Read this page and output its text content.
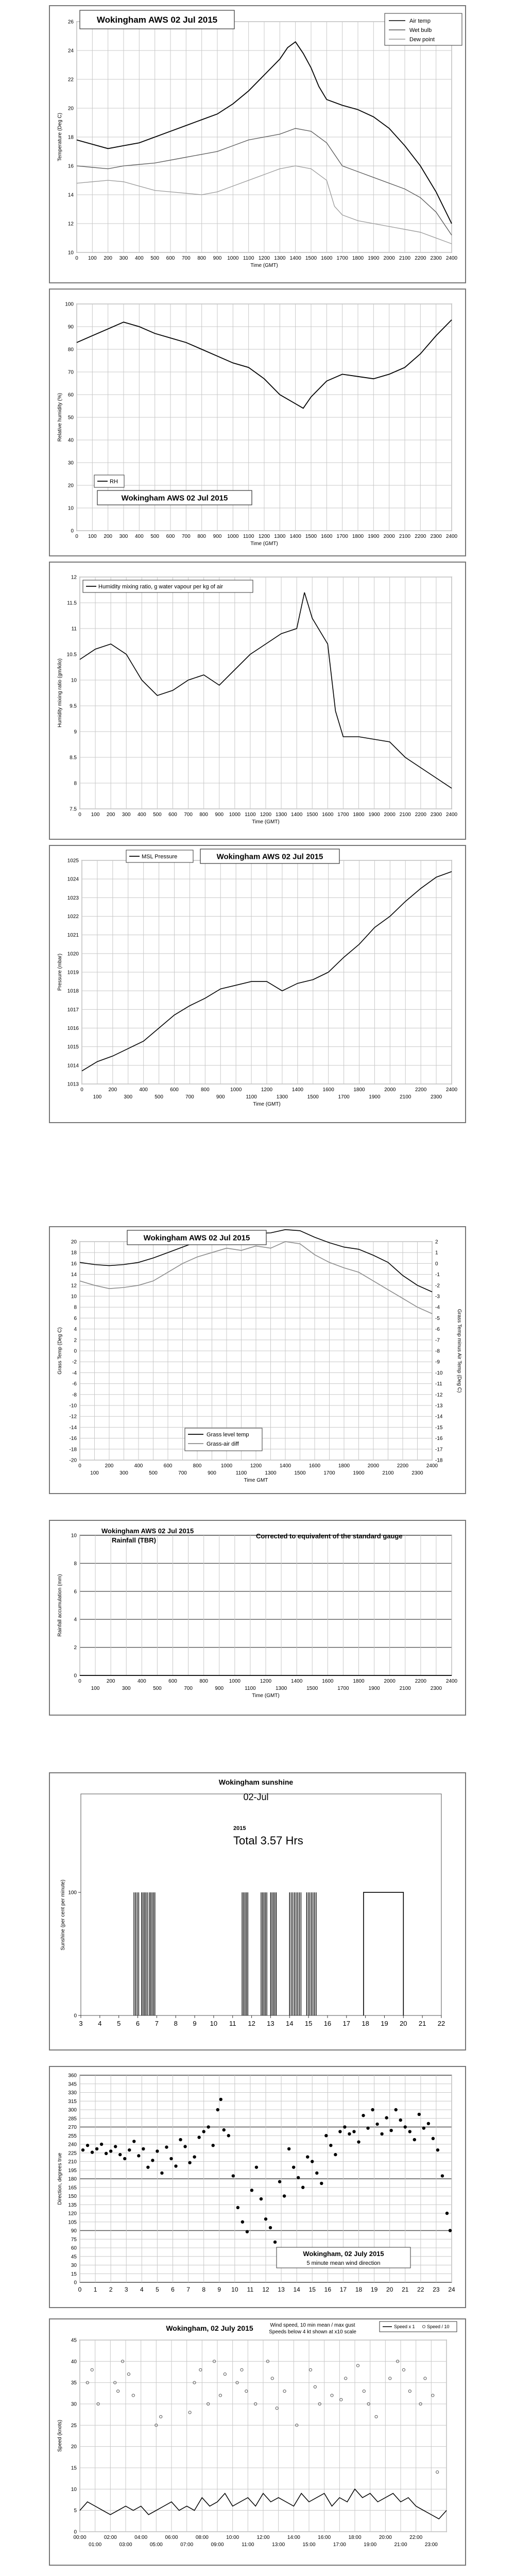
10
12
14
16
18
20
22
24
26
0 100 200 300 400 500 600 700 800 900 1000 1100 1200 1300 1400 1500 1600 1700 1800 1900 2000 2100 2200 2300 2400
Wokingham AWS 02 Jul 2015
Time (GMT)
Temperature (Deg C)
Air temp
Wet bulb
Dew point
0
10
20
30
40
50
60
70
80
90
100
0 100 200 300 400 500 600 700 800 900 1000 1100 1200 1300 1400 1500 1600 1700 1800 1900 2000 2100 2200 2300 2400
Time (GMT)
Relative humidity (%)
RH
Wokingham AWS 02 Jul 2015
7.5
8
8.5
9
9.5
10
10.5
11
11.5
12
0 100 200 300 400 500 600 700 800 900 1000 1100 1200 1300 1400 1500 1600 1700 1800 1900 2000 2100 2200 2300 2400
Time (GMT)
Humidity mixing ratio (gm/kilo)
Humidity mixing ratio, g water vapour per kg of air
1013
1014
1015
1016
1017
1018
1019
1020
1021
1022
1023
1024
1025
0	200	400	600	800	1000	1200	1400	1600	1800	2000	2200	2400
100	300	500	700	900	1100	1300	1500	1700	1900	2100	2300
Time (GMT)
Pressure (mbar)
MSL Pressure	Wokingham AWS 02 Jul 2015
20
18
16
14
12
10
8
6
4
2
0
-2
-4
-6
-8
-10
-12
-14
-16
-18
-20
2
1
0
-1
-2
-3
-4
-5
-6
-7
-8
-9
-10
-11
-12
-13
-14
-15
-16
-17
-18
0	200	400	600	800	1000	1200	1400	1600	1800	2000	2200	2400
100	300	500	700	900	1100	1300	1500	1700	1900	2100	2300
Time GMT
Grass Temp (Deg C)	Grass Temp minus Air Temp (Deg C)
Wokingham AWS 02 Jul 2015
Grass level temp
Grass-air diff
0
2
4
6
8
10
0	200	400	600	800	1000	1200	1400	1600	1800	2000	2200	2400
100	300	500	700	900	1100	1300	1500	1700	1900	2100	2300
Time (GMT)
Rainfall accumulation (mm)
Wokingham AWS 02 Jul 2015
Rainfall (TBR)
Corrected to equivalent of the standard gauge
3 4 5 6 7 8 9 10 11 12 13 14 15 16 17 18 19 20 21 22
0
100
Sunshine (per cent per minute)
Wokingham sunshine
02-Jul
2015
Total 3.57 Hrs
0
15
30
45
60
75
90
105
120
135
150
165
180
195
210
225
240
255
270
285
300
315
330
345
360
0 1 2 3 4 5 6 7 8 9 10 11 12 13 14 15 16 17 18 19 20 21 22 23 24
Direction, degrees true
Wokingham, 02 July 2015
5 minute mean wind direction
0
5
10
15
20
25
30
35
40
45
00:00	02:00	04:00	06:00	08:00	10:00	12:00	14:00	16:00	18:00	20:00	22:00
01:00	03:00	05:00	07:00	09:00	11:00	13:00	15:00	17:00	19:00	21:00	23:00
Speed (knots)
Wokingham, 02 July 2015	Wind speed, 10 min mean / max gust
Speeds below 4 kt shown at x10 scale
Speed x 1	Speed / 10
